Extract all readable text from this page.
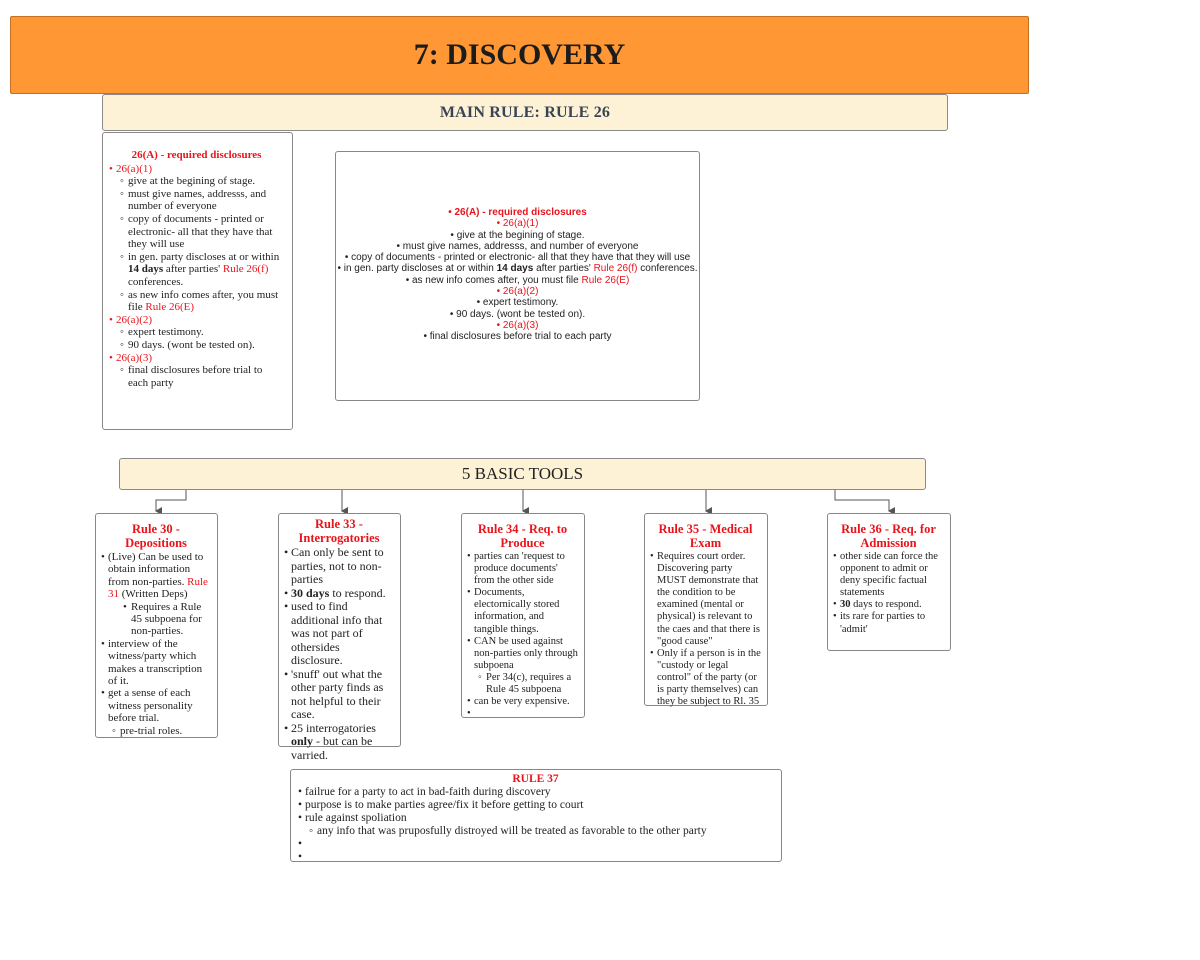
7: DISCOVERY
MAIN RULE: RULE 26
26(A) - required disclosures
• 26(a)(1)
◦ give at the begining of stage.
◦ must give names, addresss, and number of everyone
◦ copy of documents - printed or electronic- all that they have that they will use
◦ in gen. party discloses at or within 14 days after parties' Rule 26(f) conferences.
◦ as new info comes after, you must file Rule 26(E)
• 26(a)(2)
◦ expert testimony.
◦ 90 days. (wont be tested on).
• 26(a)(3)
◦ final disclosures before trial to each party
• 26(A) - required disclosures
• 26(a)(1)
• give at the begining of stage.
• must give names, addresss, and number of everyone
• copy of documents - printed or electronic- all that they have that they will use
• in gen. party discloses at or within 14 days after parties' Rule 26(f) conferences.
• as new info comes after, you must file Rule 26(E)
• 26(a)(2)
• expert testimony.
• 90 days. (wont be tested on).
• 26(a)(3)
• final disclosures before trial to each party
5 BASIC TOOLS
Rule 30 - Depositions
• (Live) Can be used to obtain information from non-parties. Rule 31 (Written Deps)
• Requires a Rule 45 subpoena for non-parties.
• interview of the witness/party which makes a transcription of it.
• get a sense of each witness personality before trial.
◦ pre-trial roles.
Rule 33 - Interrogatories
• Can only be sent to parties, not to non-parties
• 30 days to respond.
• used to find additional info that was not part of othersides disclosure.
• 'snuff' out what the other party finds as not helpful to their case.
• 25 interrogatories only - but can be varried.
Rule 34 - Req. to Produce
• parties can 'request to produce documents' from the other side
• Documents, electornically stored information, and tangible things.
• CAN be used against non-parties only through subpoena
◦ Per 34(c), requires a Rule 45 subpoena
• can be very expensive.
•
Rule 35 - Medical Exam
• Requires court order. Discovering party MUST demonstrate that the condition to be examined (mental or physical) is relevant to the caes and that there is "good cause"
• Only if a person is in the "custody or legal control" of the party (or is party themselves) can they be subject to Rl. 35
Rule 36 - Req. for Admission
• other side can force the opponent to admit or deny specific factual statements
• 30 days to respond.
• its rare for parties to 'admit'
RULE 37
• failrue for a party to act in bad-faith during discovery
• purpose is to make parties agree/fix it before getting to court
• rule against spoliation
◦ any info that was pruposfully distroyed will be treated as favorable to the other party
•
•
